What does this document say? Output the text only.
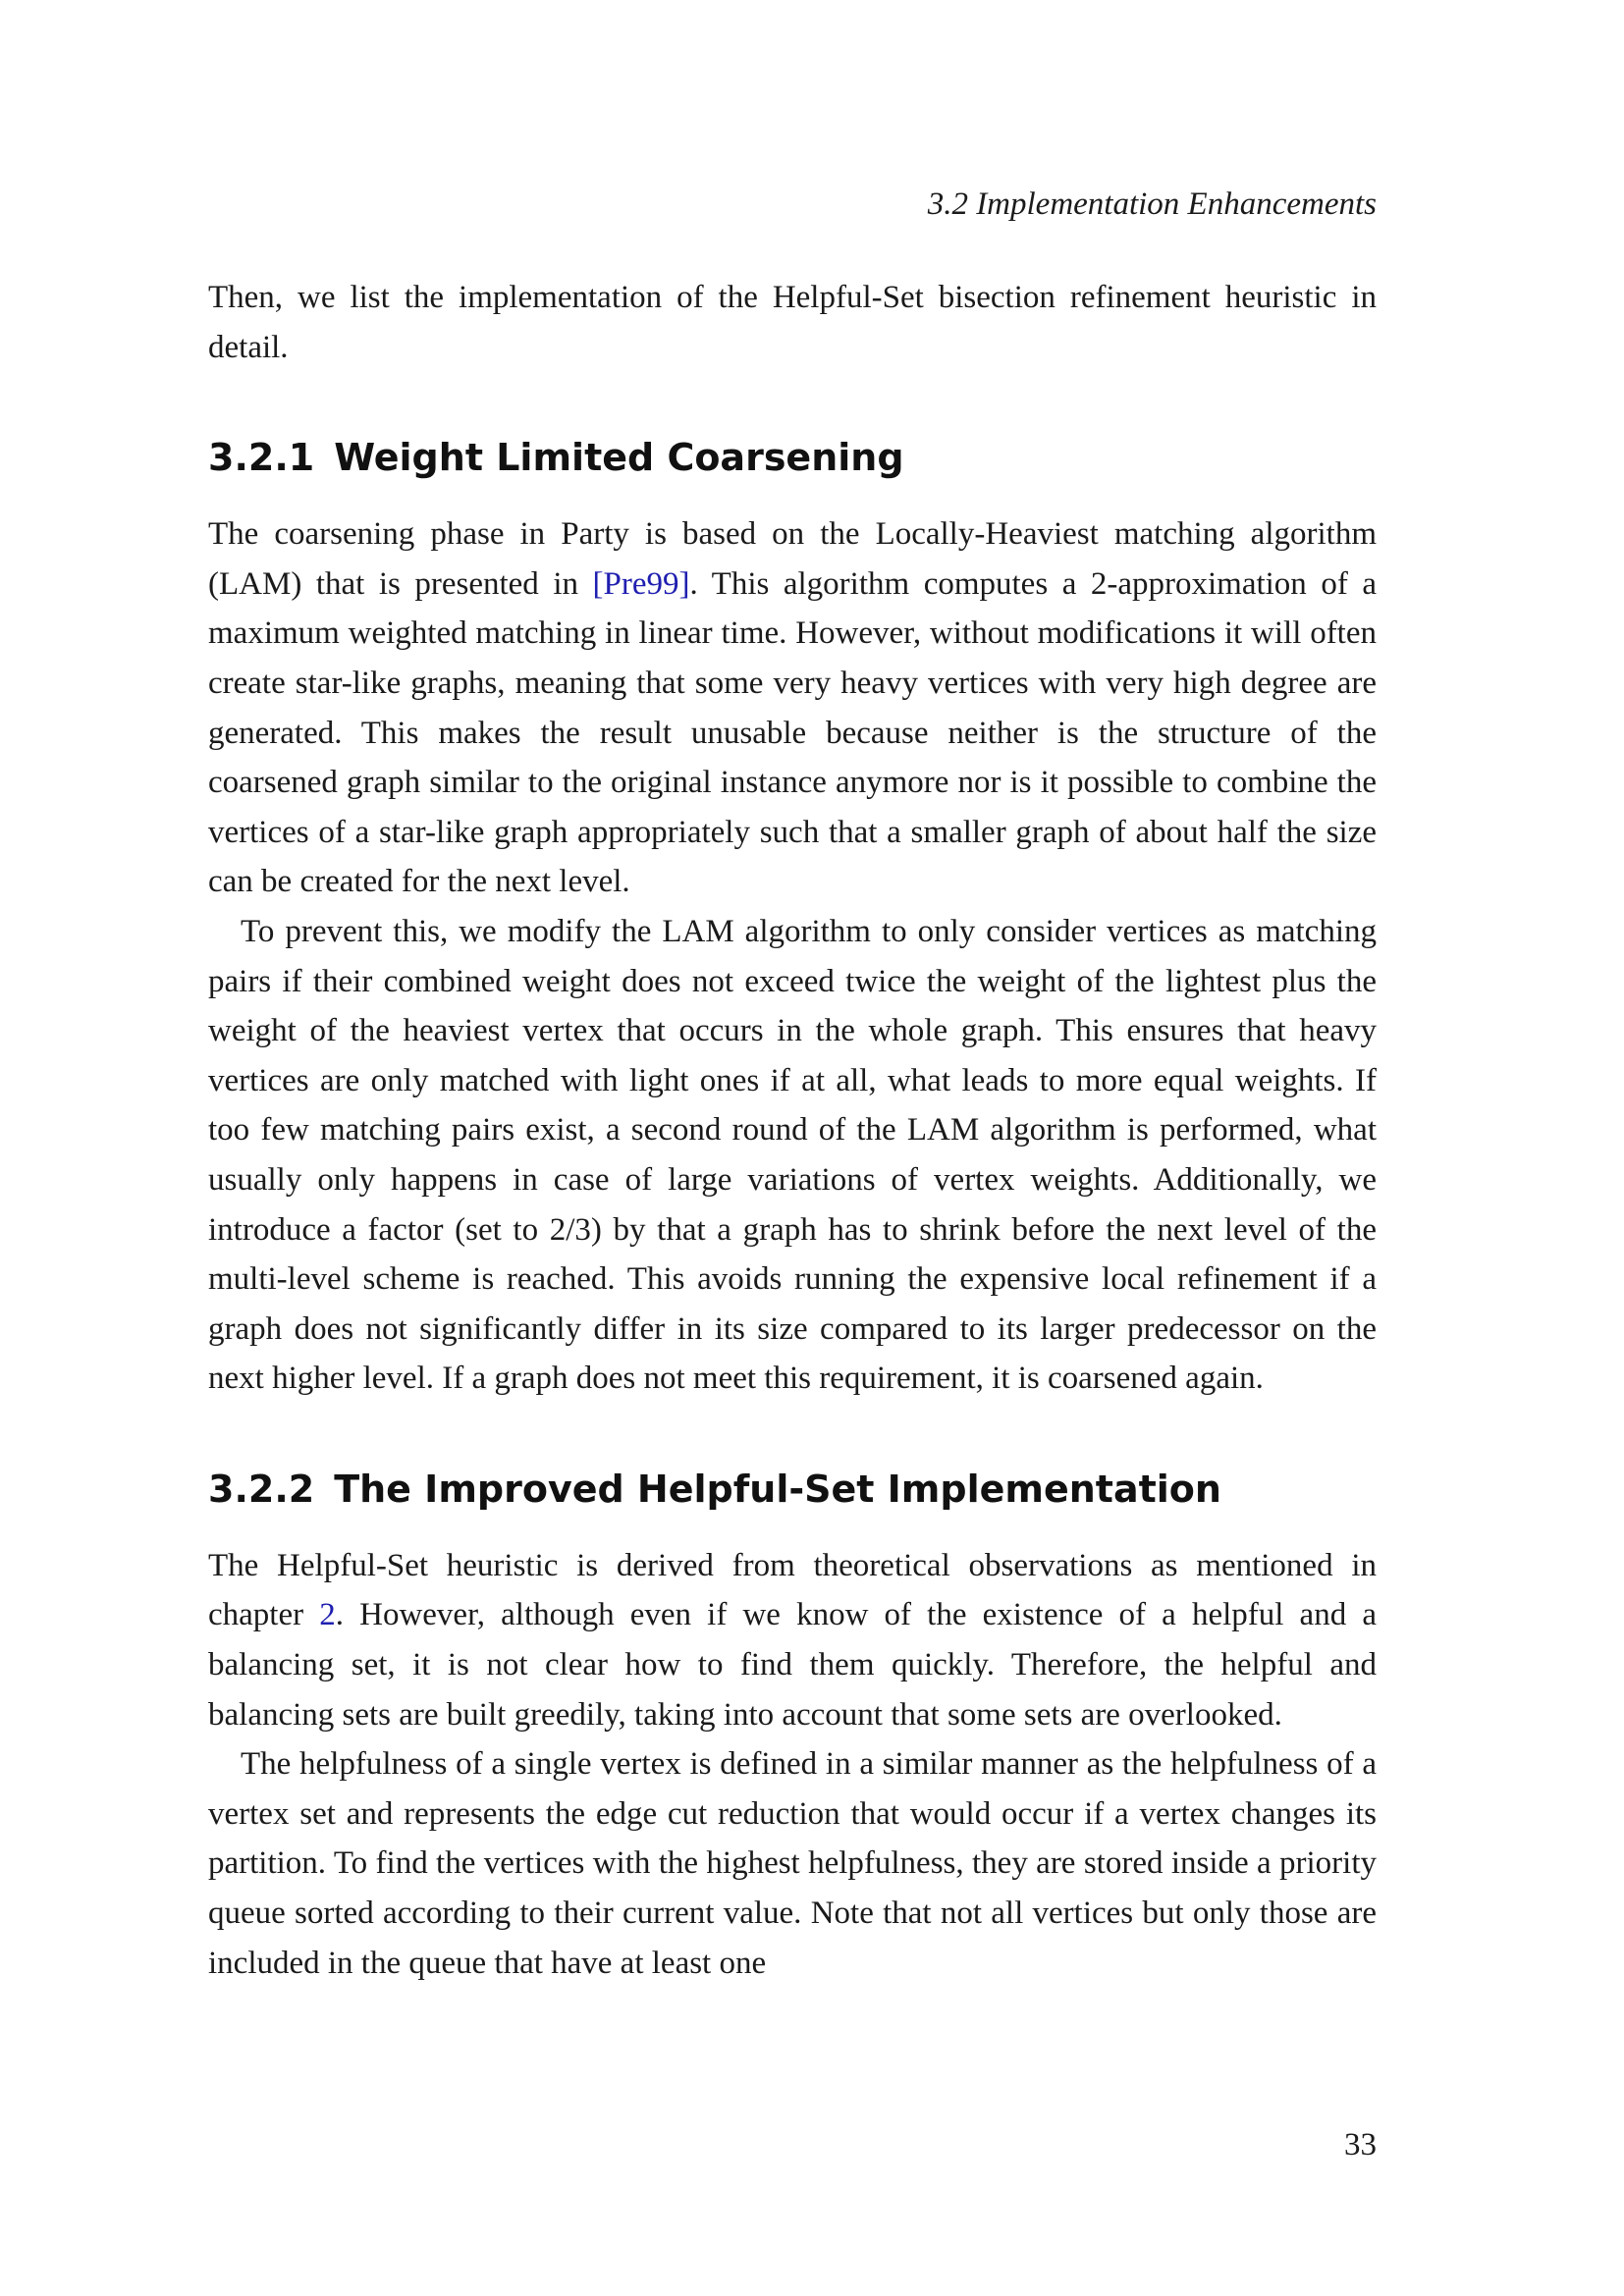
3.2 Implementation Enhancements

Then, we list the implementation of the Helpful-Set bisection refinement heuristic in detail.

3.2.1 Weight Limited Coarsening

The coarsening phase in Party is based on the Locally-Heaviest matching algorithm (LAM) that is presented in [Pre99]. This algorithm computes a 2-approximation of a maximum weighted matching in linear time. However, without modifications it will often create star-like graphs, meaning that some very heavy vertices with very high degree are generated. This makes the result unusable because neither is the structure of the coarsened graph similar to the original instance anymore nor is it possible to combine the vertices of a star-like graph appropriately such that a smaller graph of about half the size can be created for the next level.

To prevent this, we modify the LAM algorithm to only consider vertices as matching pairs if their combined weight does not exceed twice the weight of the lightest plus the weight of the heaviest vertex that occurs in the whole graph. This ensures that heavy vertices are only matched with light ones if at all, what leads to more equal weights. If too few matching pairs exist, a second round of the LAM algorithm is performed, what usually only happens in case of large variations of vertex weights. Additionally, we introduce a factor (set to 2/3) by that a graph has to shrink before the next level of the multi-level scheme is reached. This avoids running the expensive local refinement if a graph does not significantly differ in its size compared to its larger predecessor on the next higher level. If a graph does not meet this requirement, it is coarsened again.

3.2.2 The Improved Helpful-Set Implementation

The Helpful-Set heuristic is derived from theoretical observations as mentioned in chapter 2. However, although even if we know of the existence of a helpful and a balancing set, it is not clear how to find them quickly. Therefore, the helpful and balancing sets are built greedily, taking into account that some sets are overlooked.

The helpfulness of a single vertex is defined in a similar manner as the helpfulness of a vertex set and represents the edge cut reduction that would occur if a vertex changes its partition. To find the vertices with the highest helpfulness, they are stored inside a priority queue sorted according to their current value. Note that not all vertices but only those are included in the queue that have at least one

33
